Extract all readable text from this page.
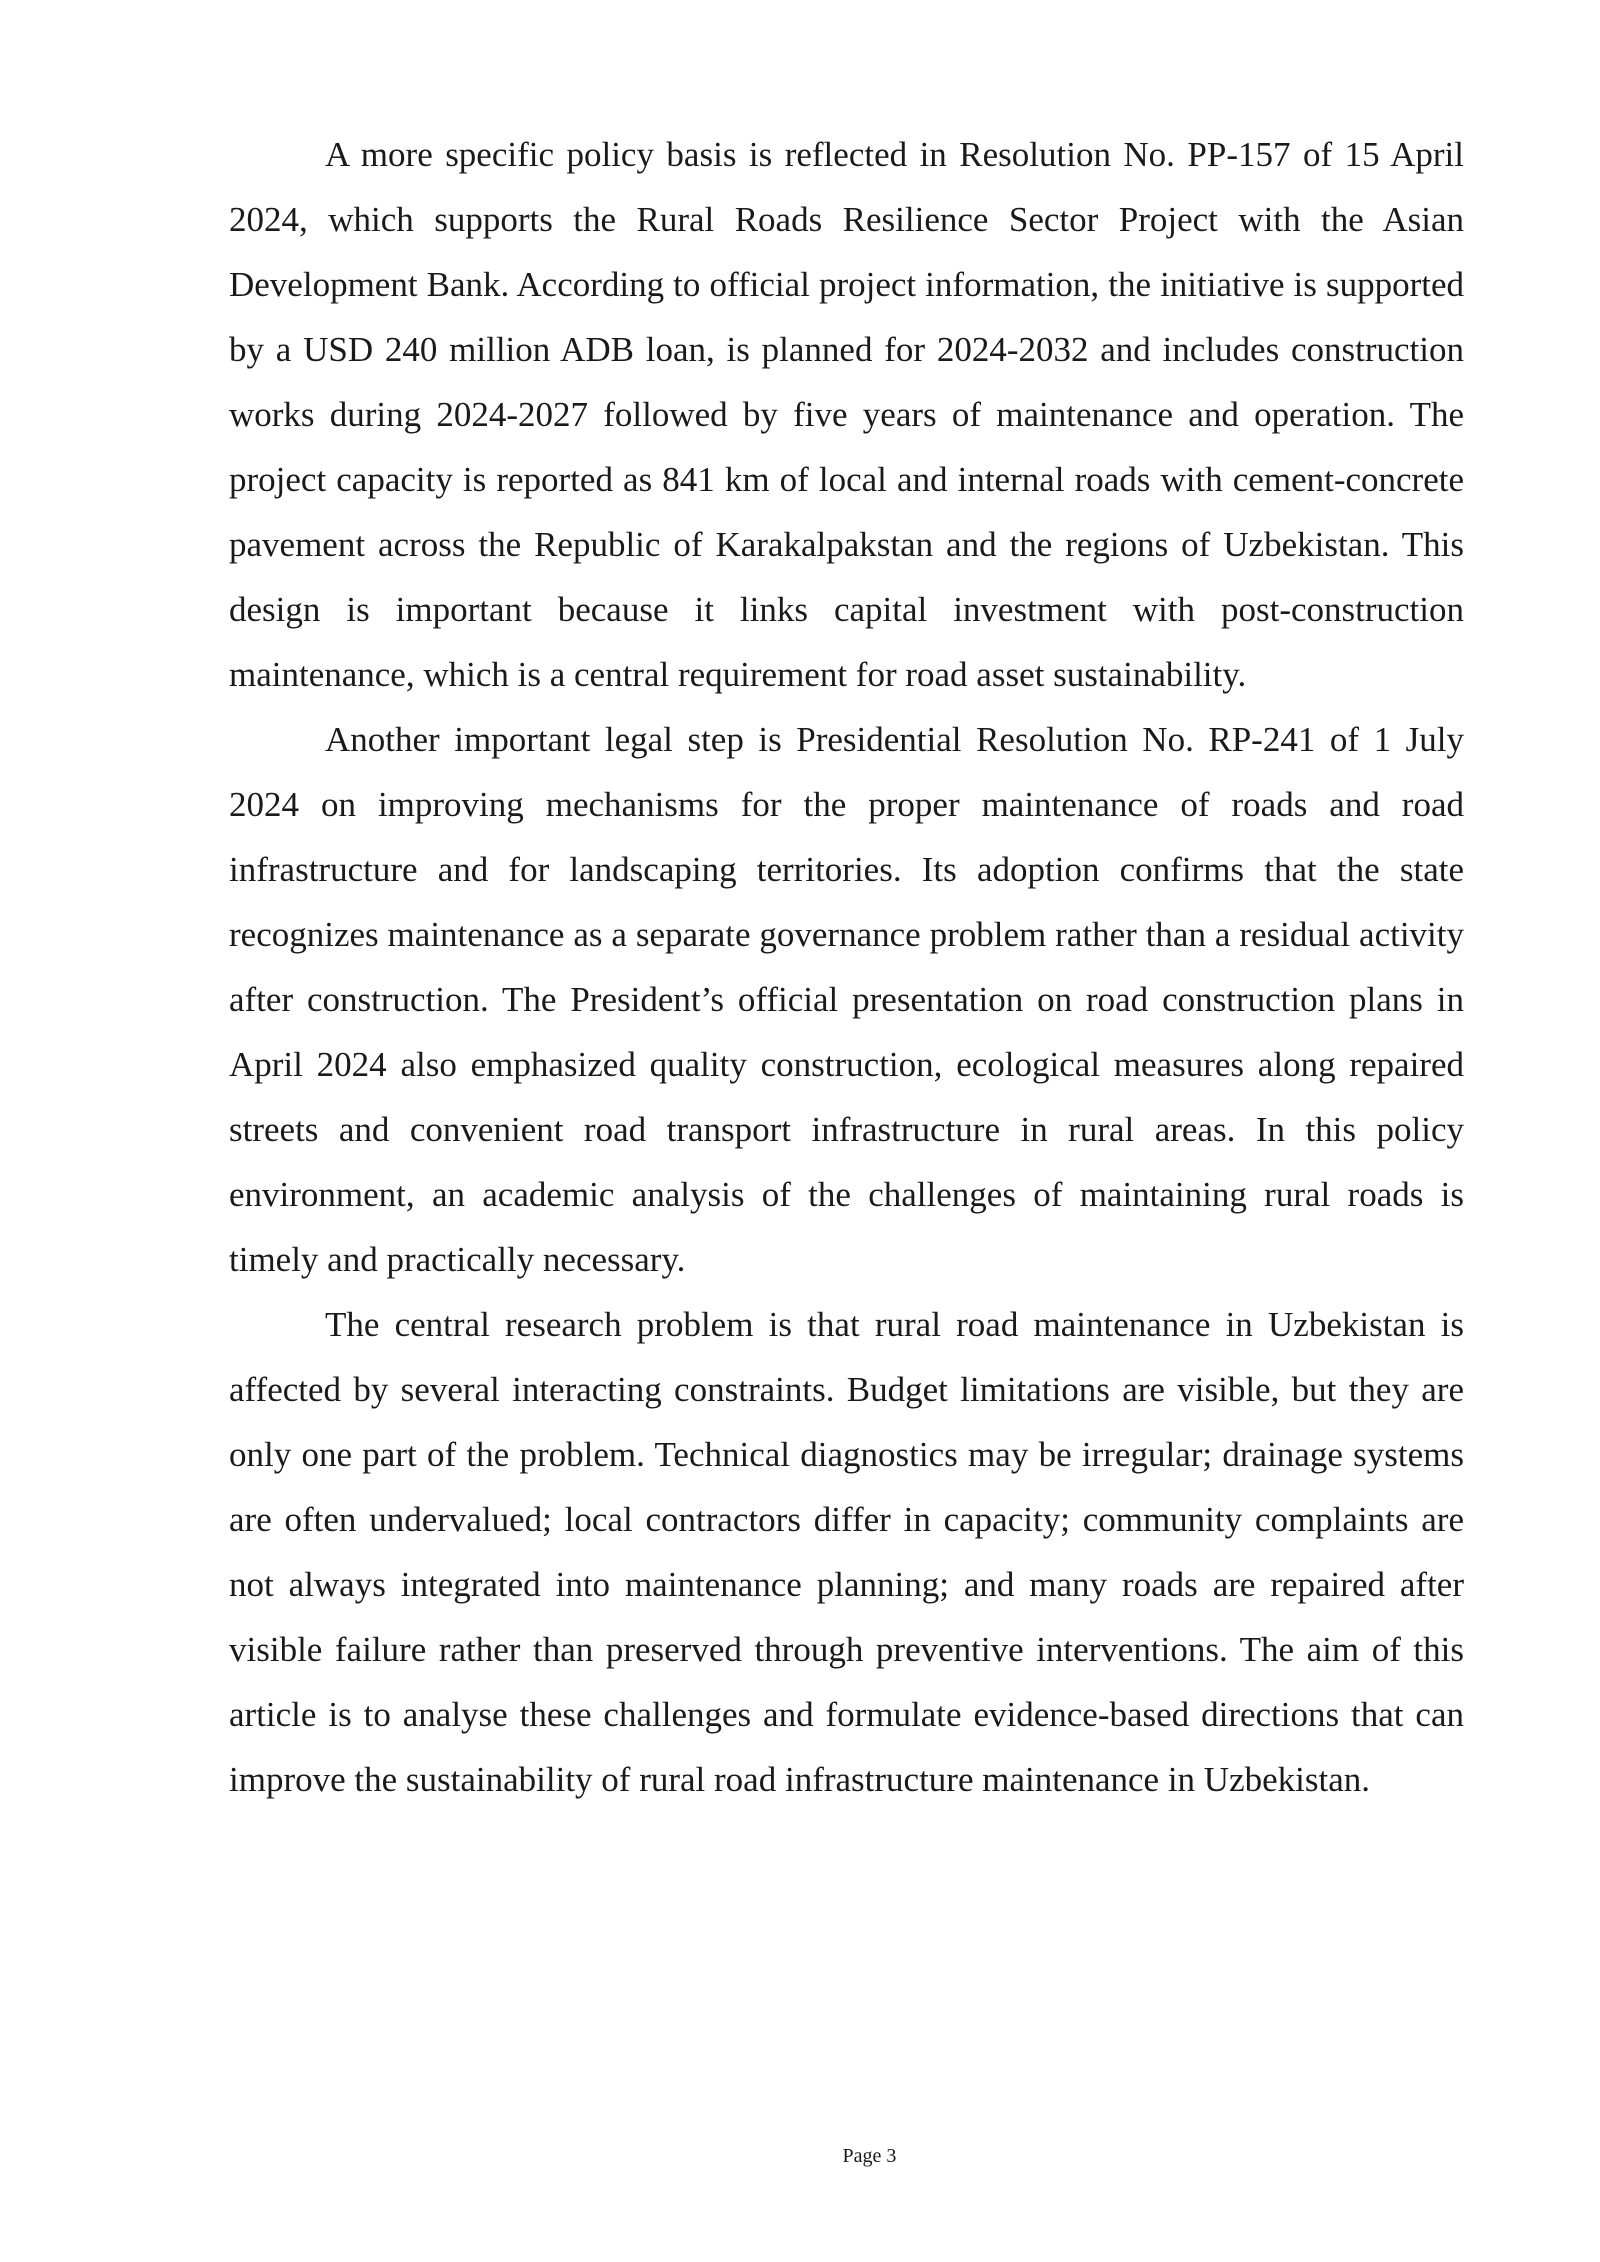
A more specific policy basis is reflected in Resolution No. PP-157 of 15 April 2024, which supports the Rural Roads Resilience Sector Project with the Asian Development Bank. According to official project information, the initiative is supported by a USD 240 million ADB loan, is planned for 2024-2032 and includes construction works during 2024-2027 followed by five years of maintenance and operation. The project capacity is reported as 841 km of local and internal roads with cement-concrete pavement across the Republic of Karakalpakstan and the regions of Uzbekistan. This design is important because it links capital investment with post-construction maintenance, which is a central requirement for road asset sustainability.

Another important legal step is Presidential Resolution No. RP-241 of 1 July 2024 on improving mechanisms for the proper maintenance of roads and road infrastructure and for landscaping territories. Its adoption confirms that the state recognizes maintenance as a separate governance problem rather than a residual activity after construction. The President’s official presentation on road construction plans in April 2024 also emphasized quality construction, ecological measures along repaired streets and convenient road transport infrastructure in rural areas. In this policy environment, an academic analysis of the challenges of maintaining rural roads is timely and practically necessary.

The central research problem is that rural road maintenance in Uzbekistan is affected by several interacting constraints. Budget limitations are visible, but they are only one part of the problem. Technical diagnostics may be irregular; drainage systems are often undervalued; local contractors differ in capacity; community complaints are not always integrated into maintenance planning; and many roads are repaired after visible failure rather than preserved through preventive interventions. The aim of this article is to analyse these challenges and formulate evidence-based directions that can improve the sustainability of rural road infrastructure maintenance in Uzbekistan.

Page 3
